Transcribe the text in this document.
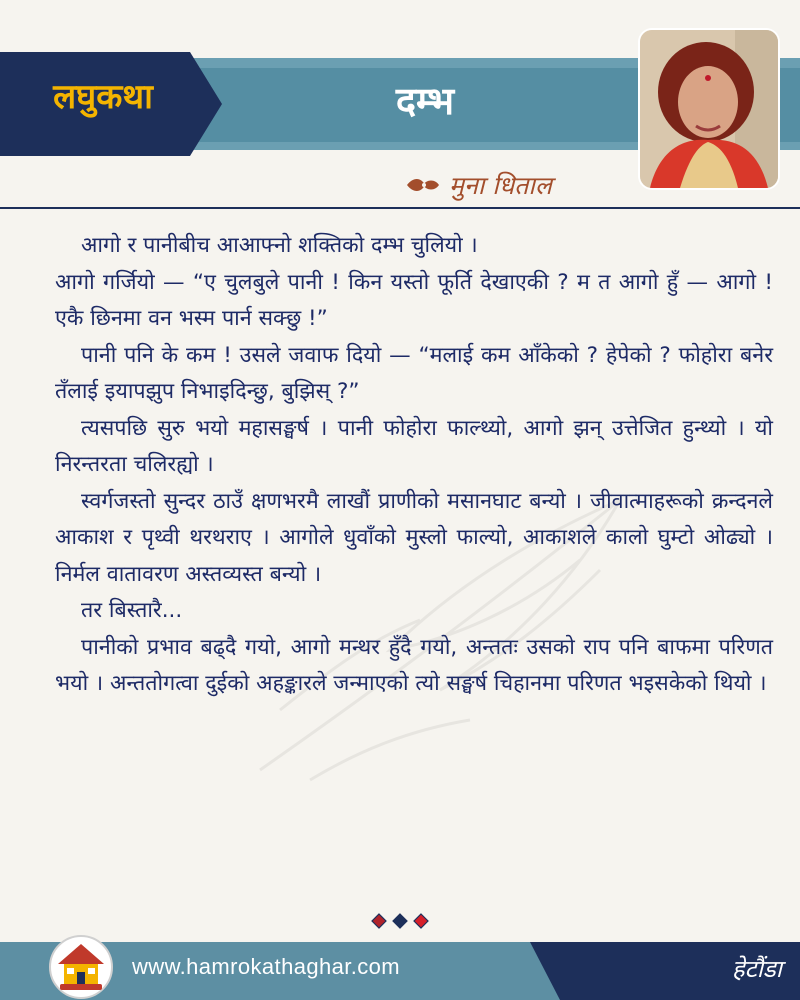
लघुकथा	दम्भ
मुना धिताल

आगो र पानीबीच आआफ्नो शक्तिको दम्भ चुलियो ।

आगो गर्जियो — “ए चुलबुले पानी ! किन यस्तो फूर्ति देखाएकी ? म त आगो हुँ — आगो ! एकै छिनमा वन भस्म पार्न सक्छु !”

पानी पनि के कम ! उसले जवाफ दियो — “मलाई कम आँकेको ? हेपेको ? फोहोरा बनेर तँलाई इयापझुप निभाइदिन्छु, बुझिस् ?”

त्यसपछि सुरु भयो महासङ्घर्ष । पानी फोहोरा फाल्थ्यो, आगो झन् उत्तेजित हुन्थ्यो । यो निरन्तरता चलिरह्यो ।

स्वर्गजस्तो सुन्दर ठाउँ क्षणभरमै लाखौं प्राणीको मसानघाट बन्यो । जीवात्माहरूको क्रन्दनले आकाश र पृथ्वी थरथराए । आगोले धुवाँको मुस्लो फाल्यो, आकाशले कालो घुम्टो ओढ्यो । निर्मल वातावरण अस्तव्यस्त बन्यो ।

तर बिस्तारै...

पानीको प्रभाव बढ्दै गयो, आगो मन्थर हुँदै गयो, अन्ततः उसको राप पनि बाफमा परिणत भयो । अन्ततोगत्वा दुईको अहङ्कारले जन्माएको त्यो सङ्घर्ष चिहानमा परिणत भइसकेको थियो ।

www.hamrokathaghar.com	हेटौंडा
